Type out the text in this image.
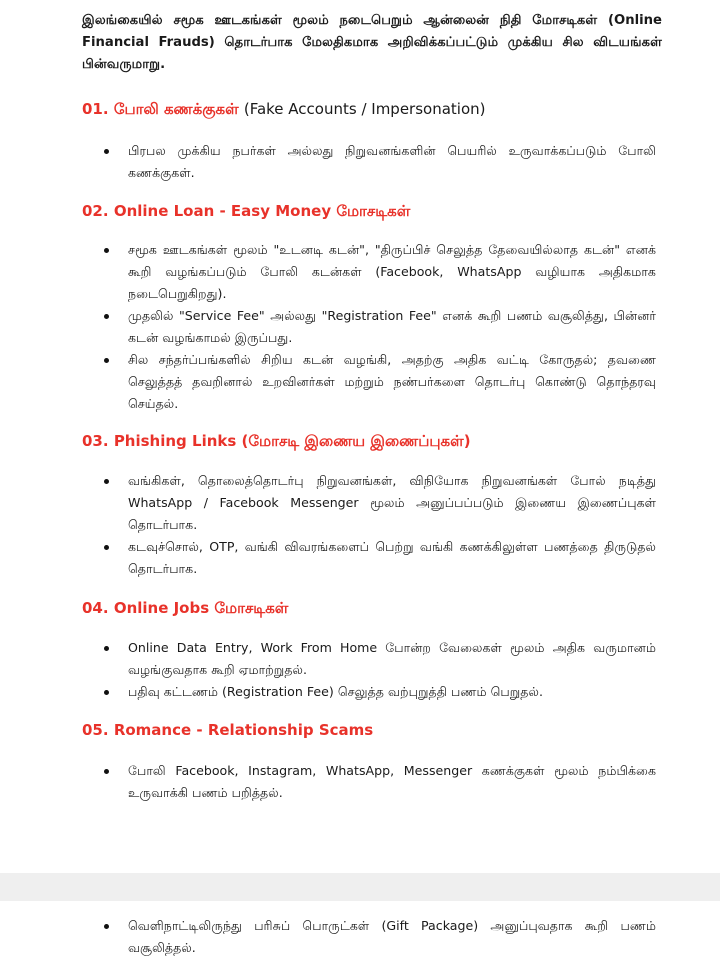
இலங்கையில் சமூக ஊடகங்கள் மூலம் நடைபெறும் ஆன்லைன் நிதி மோசடிகள் (Online Financial Frauds) தொடர்பாக மேலதிகமாக அறிவிக்கப்பட்டும் முக்கிய சில விடயங்கள் பின்வருமாறு.

01. போலி கணக்குகள் (Fake Accounts / Impersonation)
பிரபல முக்கிய நபர்கள் அல்லது நிறுவனங்களின் பெயரில் உருவாக்கப்படும் போலி கணக்குகள்.
02. Online Loan - Easy Money மோசடிகள்
சமூக ஊடகங்கள் மூலம் "உடனடி கடன்", "திருப்பிச் செலுத்த தேவையில்லாத கடன்" எனக் கூறி வழங்கப்படும் போலி கடன்கள் (Facebook, WhatsApp வழியாக அதிகமாக நடைபெறுகிறது).
முதலில் "Service Fee" அல்லது "Registration Fee" எனக் கூறி பணம் வசூலித்து, பின்னர் கடன் வழங்காமல் இருப்பது.
சில சந்தர்ப்பங்களில் சிறிய கடன் வழங்கி, அதற்கு அதிக வட்டி கோருதல்; தவணை செலுத்தத் தவறினால் உறவினர்கள் மற்றும் நண்பர்களை தொடர்பு கொண்டு தொந்தரவு செய்தல்.
03. Phishing Links (மோசடி இணைய இணைப்புகள்)
வங்கிகள், தொலைத்தொடர்பு நிறுவனங்கள், விநியோக நிறுவனங்கள் போல் நடித்து WhatsApp / Facebook Messenger மூலம் அனுப்பப்படும் இணைய இணைப்புகள் தொடர்பாக.
கடவுச்சொல், OTP, வங்கி விவரங்களைப் பெற்று வங்கி கணக்கிலுள்ள பணத்தை திருடுதல் தொடர்பாக.
04. Online Jobs மோசடிகள்
Online Data Entry, Work From Home போன்ற வேலைகள் மூலம் அதிக வருமானம் வழங்குவதாக கூறி ஏமாற்றுதல்.
பதிவு கட்டணம் (Registration Fee) செலுத்த வற்புறுத்தி பணம் பெறுதல்.
05. Romance - Relationship Scams
போலி Facebook, Instagram, WhatsApp, Messenger கணக்குகள் மூலம் நம்பிக்கை உருவாக்கி பணம் பறித்தல்.
வெளிநாட்டிலிருந்து பரிசுப் பொருட்கள் (Gift Package) அனுப்புவதாக கூறி பணம் வசூலித்தல்.
